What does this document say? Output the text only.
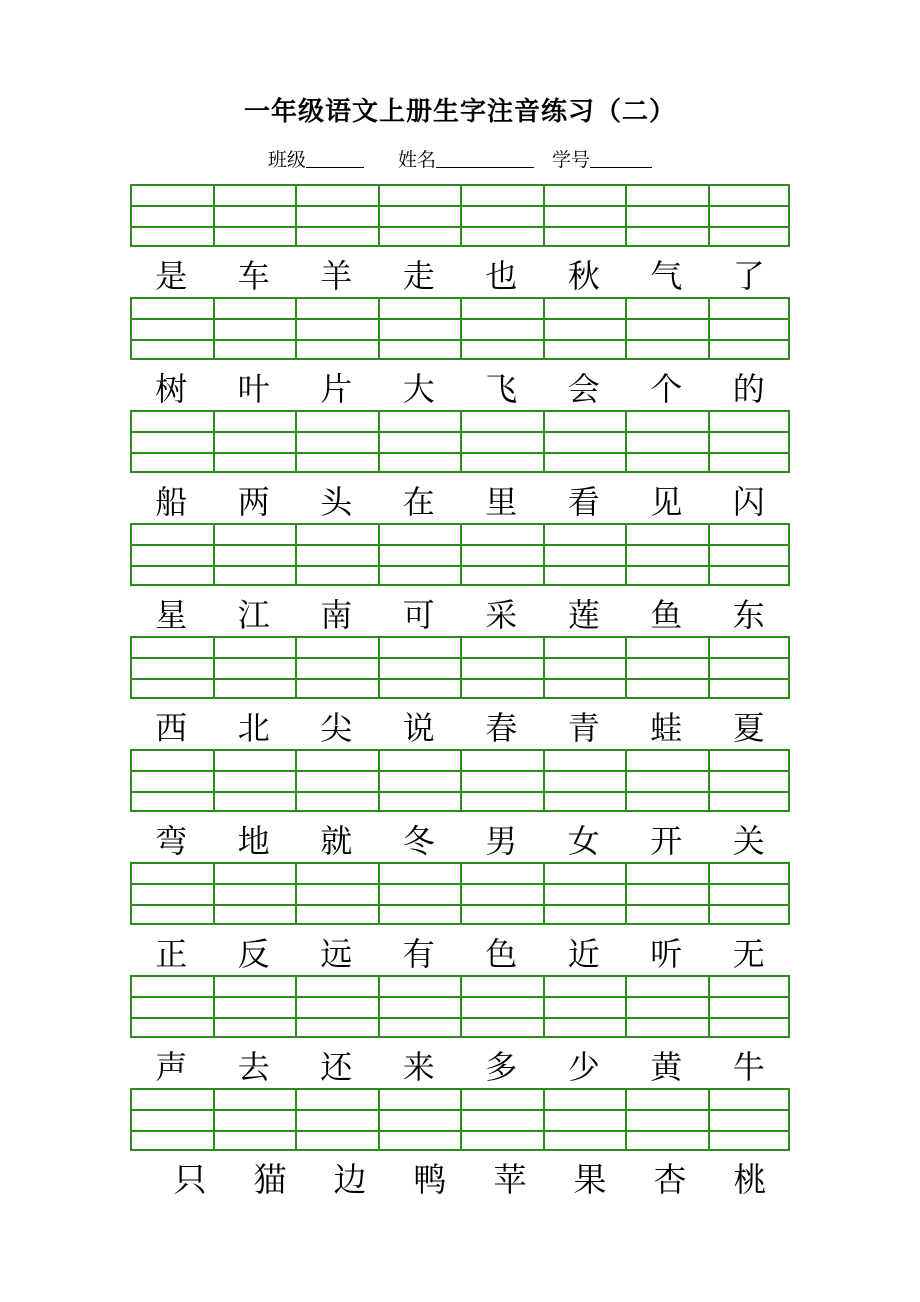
一年级语文上册生字注音练习（二）
班级	姓名	学号
是	车	羊	走	也	秋	气	了
树	叶	片	大	飞	会	个	的
船	两	头	在	里	看	见	闪
星	江	南	可	采	莲	鱼	东
西	北	尖	说	春	青	蛙	夏
弯	地	就	冬	男	女	开	关
正	反	远	有	色	近	听	无
声	去	还	来	多	少	黄	牛
只	猫	边	鸭	苹	果	杏	桃
